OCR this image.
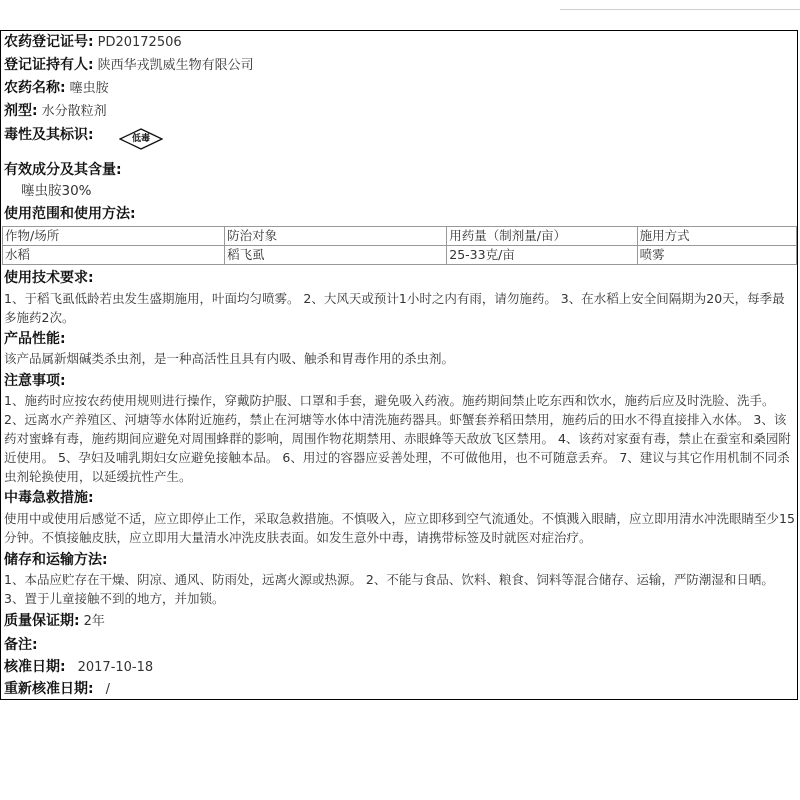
农药登记证号: PD20172506
登记证持有人: 陕西华戎凯威生物有限公司
农药名称: 噻虫胺
剂型: 水分散粒剂
毒性及其标识:	低毒
有效成分及其含量:
噻虫胺30%
使用范围和使用方法:
作物/场所	防治对象	用药量（制剂量/亩）	施用方式
水稻	稻飞虱	25-33克/亩	喷雾
使用技术要求:
1、于稻飞虱低龄若虫发生盛期施用，叶面均匀喷雾。 2、大风天或预计1小时之内有雨，请勿施药。 3、在水稻上安全间隔期为20天，每季最多施药2次。
产品性能:
该产品属新烟碱类杀虫剂，是一种高活性且具有内吸、触杀和胃毒作用的杀虫剂。
注意事项:
1、施药时应按农药使用规则进行操作，穿戴防护服、口罩和手套，避免吸入药液。施药期间禁止吃东西和饮水，施药后应及时洗脸、洗手。 2、远离水产养殖区、河塘等水体附近施药，禁止在河塘等水体中清洗施药器具。虾蟹套养稻田禁用，施药后的田水不得直接排入水体。 3、该药对蜜蜂有毒，施药期间应避免对周围蜂群的影响，周围作物花期禁用、赤眼蜂等天敌放飞区禁用。 4、该药对家蚕有毒，禁止在蚕室和桑园附近使用。 5、孕妇及哺乳期妇女应避免接触本品。 6、用过的容器应妥善处理，不可做他用，也不可随意丢弃。 7、建议与其它作用机制不同杀虫剂轮换使用，以延缓抗性产生。
中毒急救措施:
使用中或使用后感觉不适，应立即停止工作，采取急救措施。不慎吸入，应立即移到空气流通处。不慎溅入眼睛，应立即用清水冲洗眼睛至少15分钟。不慎接触皮肤，应立即用大量清水冲洗皮肤表面。如发生意外中毒，请携带标签及时就医对症治疗。
储存和运输方法:
1、本品应贮存在干燥、阴凉、通风、防雨处，远离火源或热源。 2、不能与食品、饮料、粮食、饲料等混合储存、运输，严防潮湿和日晒。 3、置于儿童接触不到的地方，并加锁。
质量保证期: 2年
备注:
核准日期: 2017-10-18
重新核准日期: /
